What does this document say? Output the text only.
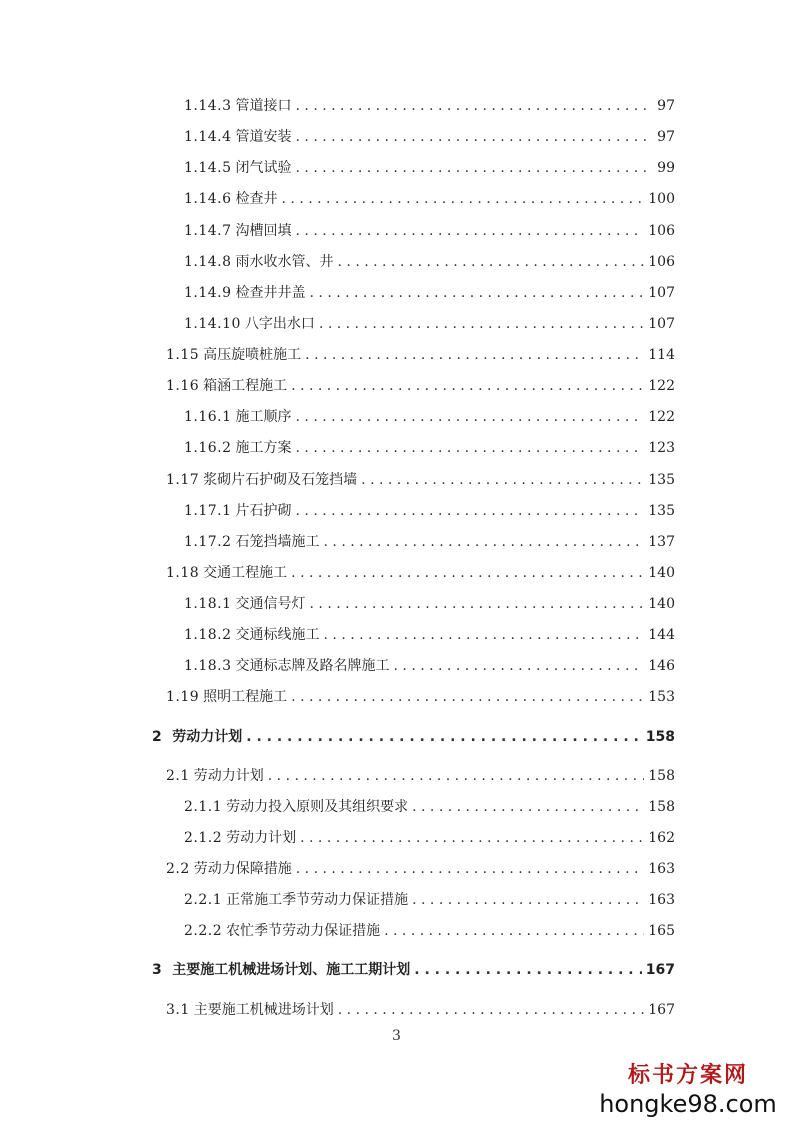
1.14.3 管道接口 . . .	97
1.14.4 管道安装 . . .	97
1.14.5 闭气试验 . . .	99
1.14.6 检查井 . . .	100
1.14.7 沟槽回填 . . .	106
1.14.8 雨水收水管、井 . . .	106
1.14.9 检查井井盖 . . .	107
1.14.10 八字出水口 . . .	107
1.15 高压旋喷桩施工 . . .	114
1.16 箱涵工程施工 . . .	122
1.16.1 施工顺序 . . .	122
1.16.2 施工方案 . . .	123
1.17 浆砌片石护砌及石笼挡墙 . . .	135
1.17.1 片石护砌 . . .	135
1.17.2 石笼挡墙施工 . . .	137
1.18 交通工程施工 . . .	140
1.18.1 交通信号灯 . . .	140
1.18.2 交通标线施工 . . .	144
1.18.3 交通标志牌及路名牌施工 . . .	146
1.19 照明工程施工 . . .	153
2 劳动力计划 . . .	158
2.1 劳动力计划 . . .	158
2.1.1 劳动力投入原则及其组织要求 . . .	158
2.1.2 劳动力计划 . . .	162
2.2 劳动力保障措施 . . .	163
2.2.1 正常施工季节劳动力保证措施 . . .	163
2.2.2 农忙季节劳动力保证措施 . . .	165
3 主要施工机械进场计划、施工工期计划 . . .	167
3.1 主要施工机械进场计划 . . .	167
3
标书方案网
hongke98.com
